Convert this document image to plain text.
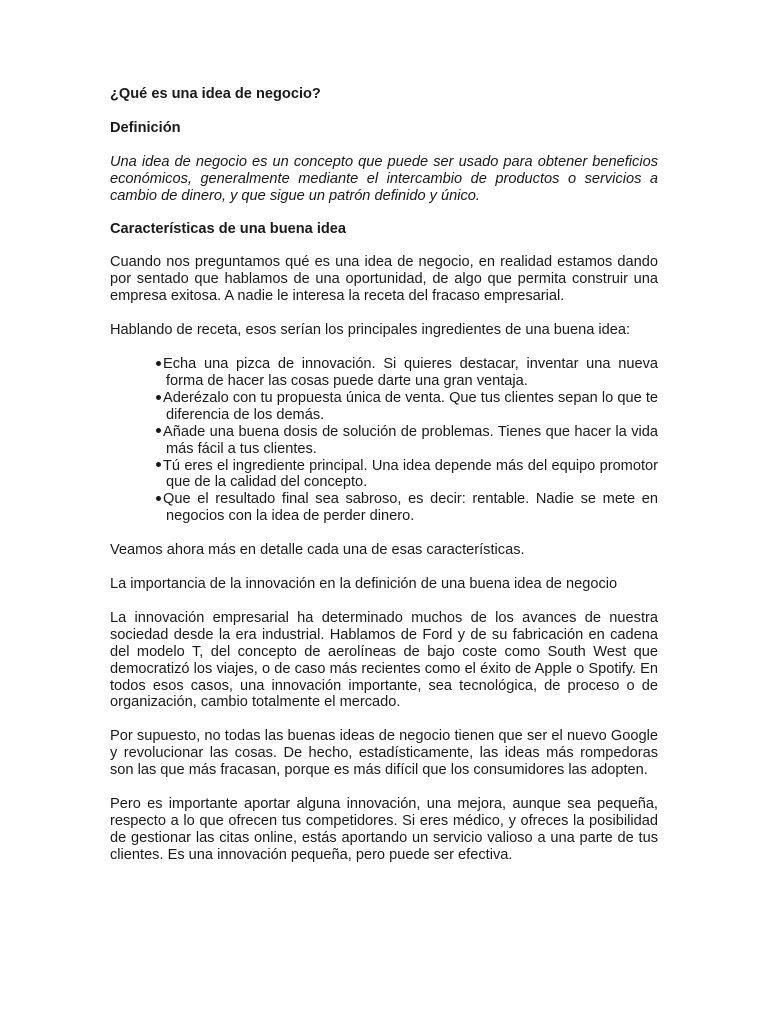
¿Qué es una idea de negocio?

Definición

Una idea de negocio es un concepto que puede ser usado para obtener beneficios económicos, generalmente mediante el intercambio de productos o servicios a cambio de dinero, y que sigue un patrón definido y único.

Características de una buena idea

Cuando nos preguntamos qué es una idea de negocio, en realidad estamos dando por sentado que hablamos de una oportunidad, de algo que permita construir una empresa exitosa. A nadie le interesa la receta del fracaso empresarial.

Hablando de receta, esos serían los principales ingredientes de una buena idea:

Echa una pizca de innovación. Si quieres destacar, inventar una nueva forma de hacer las cosas puede darte una gran ventaja.
Aderézalo con tu propuesta única de venta. Que tus clientes sepan lo que te diferencia de los demás.
Añade una buena dosis de solución de problemas. Tienes que hacer la vida más fácil a tus clientes.
Tú eres el ingrediente principal. Una idea depende más del equipo promotor que de la calidad del concepto.
Que el resultado final sea sabroso, es decir: rentable. Nadie se mete en negocios con la idea de perder dinero.

Veamos ahora más en detalle cada una de esas características.

La importancia de la innovación en la definición de una buena idea de negocio

La innovación empresarial ha determinado muchos de los avances de nuestra sociedad desde la era industrial. Hablamos de Ford y de su fabricación en cadena del modelo T, del concepto de aerolíneas de bajo coste como South West que democratizó los viajes, o de caso más recientes como el éxito de Apple o Spotify. En todos esos casos, una innovación importante, sea tecnológica, de proceso o de organización, cambio totalmente el mercado.

Por supuesto, no todas las buenas ideas de negocio tienen que ser el nuevo Google y revolucionar las cosas. De hecho, estadísticamente, las ideas más rompedoras son las que más fracasan, porque es más difícil que los consumidores las adopten.

Pero es importante aportar alguna innovación, una mejora, aunque sea pequeña, respecto a lo que ofrecen tus competidores. Si eres médico, y ofreces la posibilidad de gestionar las citas online, estás aportando un servicio valioso a una parte de tus clientes. Es una innovación pequeña, pero puede ser efectiva.
